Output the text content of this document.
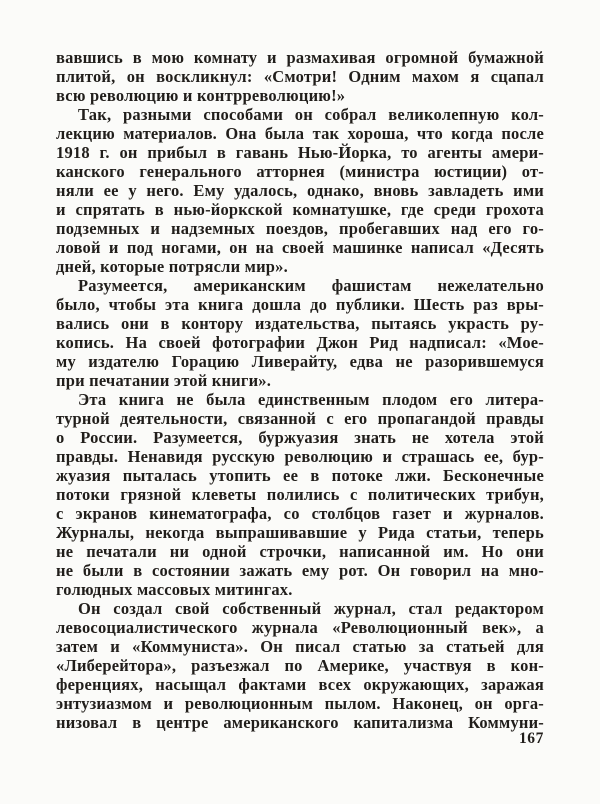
вавшись в мою комнату и размахивая огромной бумажной
плитой, он воскликнул: «Смотри! Одним махом я сцапал
всю революцию и контрреволюцию!»
Так, разными способами он собрал великолепную кол-
лекцию материалов. Она была так хороша, что когда после
1918 г. он прибыл в гавань Нью-Йорка, то агенты амери-
канского генерального атторнея (министра юстиции) от-
няли ее у него. Ему удалось, однако, вновь завладеть ими
и спрятать в нью-йоркской комнатушке, где среди грохота
подземных и надземных поездов, пробегавших над его го-
ловой и под ногами, он на своей машинке написал «Десять
дней, которые потрясли мир».
Разумеется, американским фашистам нежелательно
было, чтобы эта книга дошла до публики. Шесть раз вры-
вались они в контору издательства, пытаясь украсть ру-
копись. На своей фотографии Джон Рид надписал: «Мое-
му издателю Горацию Ливерайту, едва не разорившемуся
при печатании этой книги».
Эта книга не была единственным плодом его литера-
турной деятельности, связанной с его пропагандой правды
о России. Разумеется, буржуазия знать не хотела этой
правды. Ненавидя русскую революцию и страшась ее, бур-
жуазия пыталась утопить ее в потоке лжи. Бесконечные
потоки грязной клеветы полились с политических трибун,
с экранов кинематографа, со столбцов газет и журналов.
Журналы, некогда выпрашивавшие у Рида статьи, теперь
не печатали ни одной строчки, написанной им. Но они
не были в состоянии зажать ему рот. Он говорил на мно-
голюдных массовых митингах.
Он создал свой собственный журнал, стал редактором
левосоциалистического журнала «Революционный век», а
затем и «Коммуниста». Он писал статью за статьей для
«Либерейтора», разъезжал по Америке, участвуя в кон-
ференциях, насыщал фактами всех окружающих, заражая
энтузиазмом и революционным пылом. Наконец, он орга-
низовал в центре американского капитализма Коммуни-
167
